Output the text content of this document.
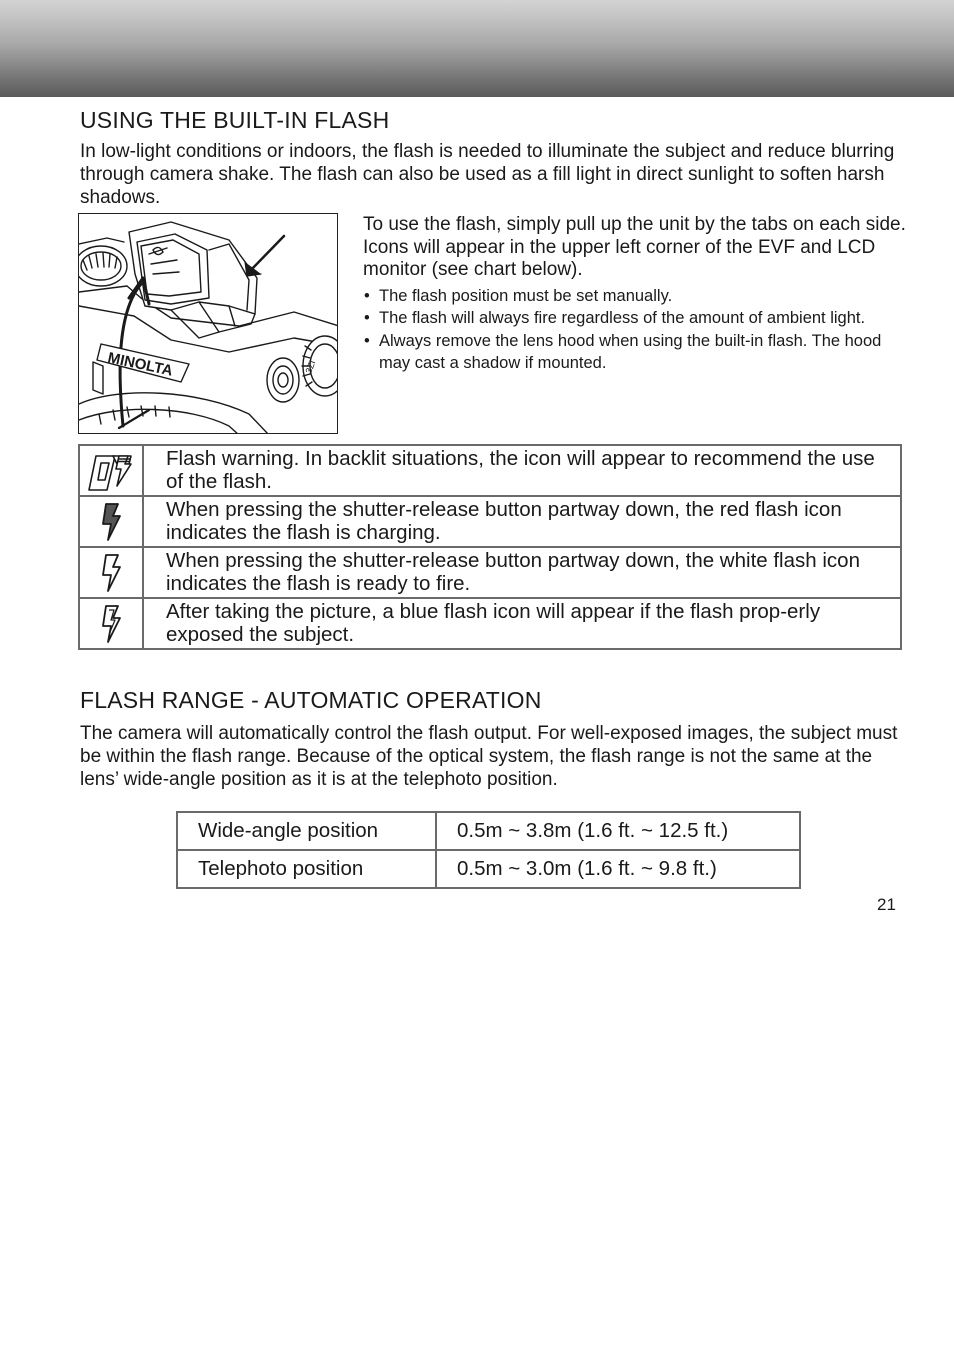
USING THE BUILT-IN FLASH

In low-light conditions or indoors, the flash is needed to illuminate the subject and reduce blurring through camera shake. The flash can also be used as a fill light in direct sunlight to soften harsh shadows.

MINOLTA	3ZI

To use the flash, simply pull up the unit by the tabs on each side. Icons will appear in the upper left corner of the EVF and LCD monitor (see chart below).

• The flash position must be set manually.
• The flash will always fire regardless of the amount of ambient light.
• Always remove the lens hood when using the built-in flash. The hood may cast a shadow if mounted.
	Flash warning. In backlit situations, the icon will appear to recommend the use of the flash.

	When pressing the shutter-release button partway down, the red flash icon indicates the flash is charging.

	When pressing the shutter-release button partway down, the white flash icon indicates the flash is ready to fire.

	After taking the picture, a blue flash icon will appear if the flash prop-erly exposed the subject.
FLASH RANGE - AUTOMATIC OPERATION

The camera will automatically control the flash output. For well-exposed images, the subject must be within the flash range. Because of the optical system, the flash range is not the same at the lens’ wide-angle position as it is at the telephoto position.

Wide-angle position	0.5m ~ 3.8m (1.6 ft. ~ 12.5 ft.)
Telephoto position	0.5m ~ 3.0m (1.6 ft. ~ 9.8 ft.)
21
